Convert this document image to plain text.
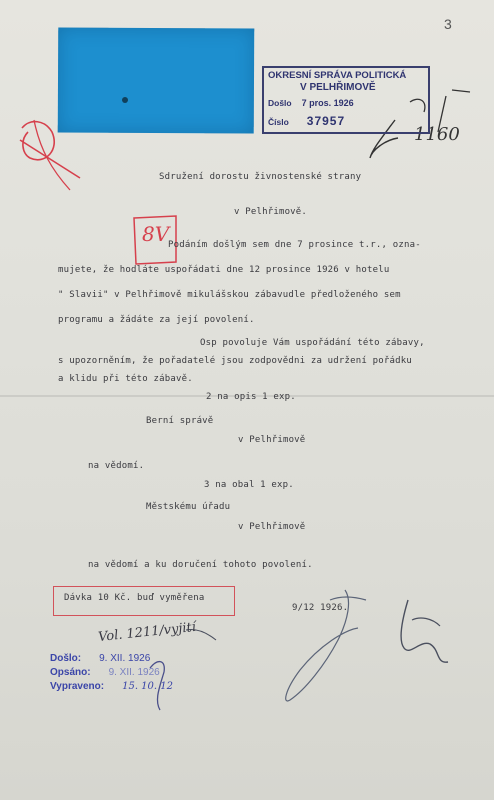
3
8V
1160
OKRESNÍ SPRÁVA POLITICKÁ
V PELHŘIMOVĚ
Došlo 7 pros. 1926
Číslo 37957
Sdružení dorostu živnostenské strany
v Pelhřimově.
Podáním došlým sem dne 7 prosince t.r., ozna-
mujete, že hodláte uspořádati dne 12 prosince 1926 v hotelu
" Slavii" v Pelhřimově mikulášskou zábavudle předloženého sem
programu a žádáte za její povolení.
Osp povoluje Vám uspořádání této zábavy,
s upozorněním, že pořadatelé jsou zodpovědni za udržení pořádku
a klidu při této zábavě.
2 na opis 1 exp.
Berní správě
v Pelhřimově
na vědomí.
3 na obal 1 exp.
Městskému úřadu
v Pelhřimově
na vědomí a ku doručení tohoto povolení.
Dávka 10 Kč. buď vyměřena
9/12 1926.
Vol. 1211/vyjití
Došlo: 9. XII. 1926
Opsáno: 9. XII. 1926
Vypraveno: 15. 10. 12
